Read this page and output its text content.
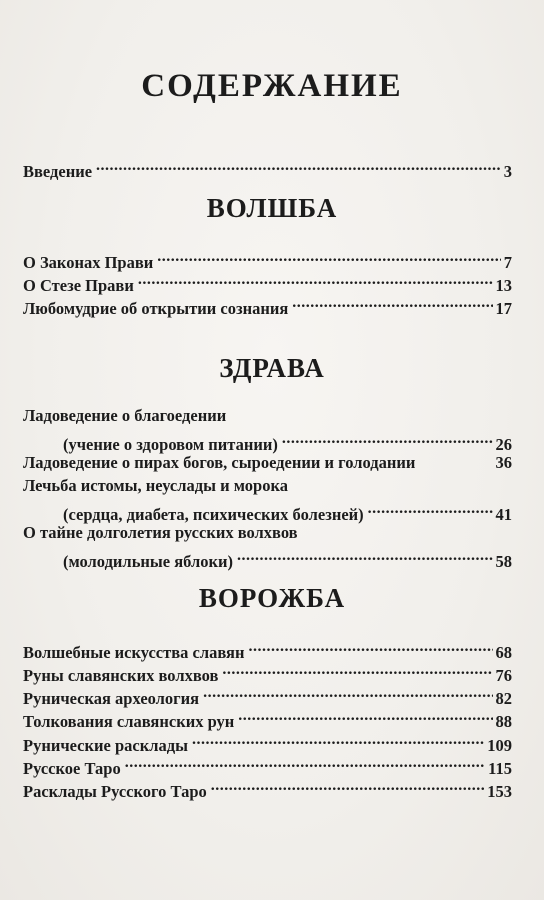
СОДЕРЖАНИЕ
Введение .....	3
ВОЛШБА
О Законах Прави .....	7
О Стезе Прави .....	13
Любомудрие об открытии сознания .....	17
ЗДРАВА
Ладоведение о благоедении
(учение о здоровом питании) .....	26
Ладоведение о пирах богов, сыроедении и голодании	36
Лечьба истомы, неуслады и морока
(сердца, диабета, психических болезней) .....	41
О тайне долголетия русских волхвов
(молодильные яблоки) .....	58
ВОРОЖБА
Волшебные искусства славян .....	68
Руны славянских волхвов .....	76
Руническая археология .....	82
Толкования славянских рун .....	88
Рунические расклады .....	109
Русское Таро .....	115
Расклады Русского Таро .....	153
